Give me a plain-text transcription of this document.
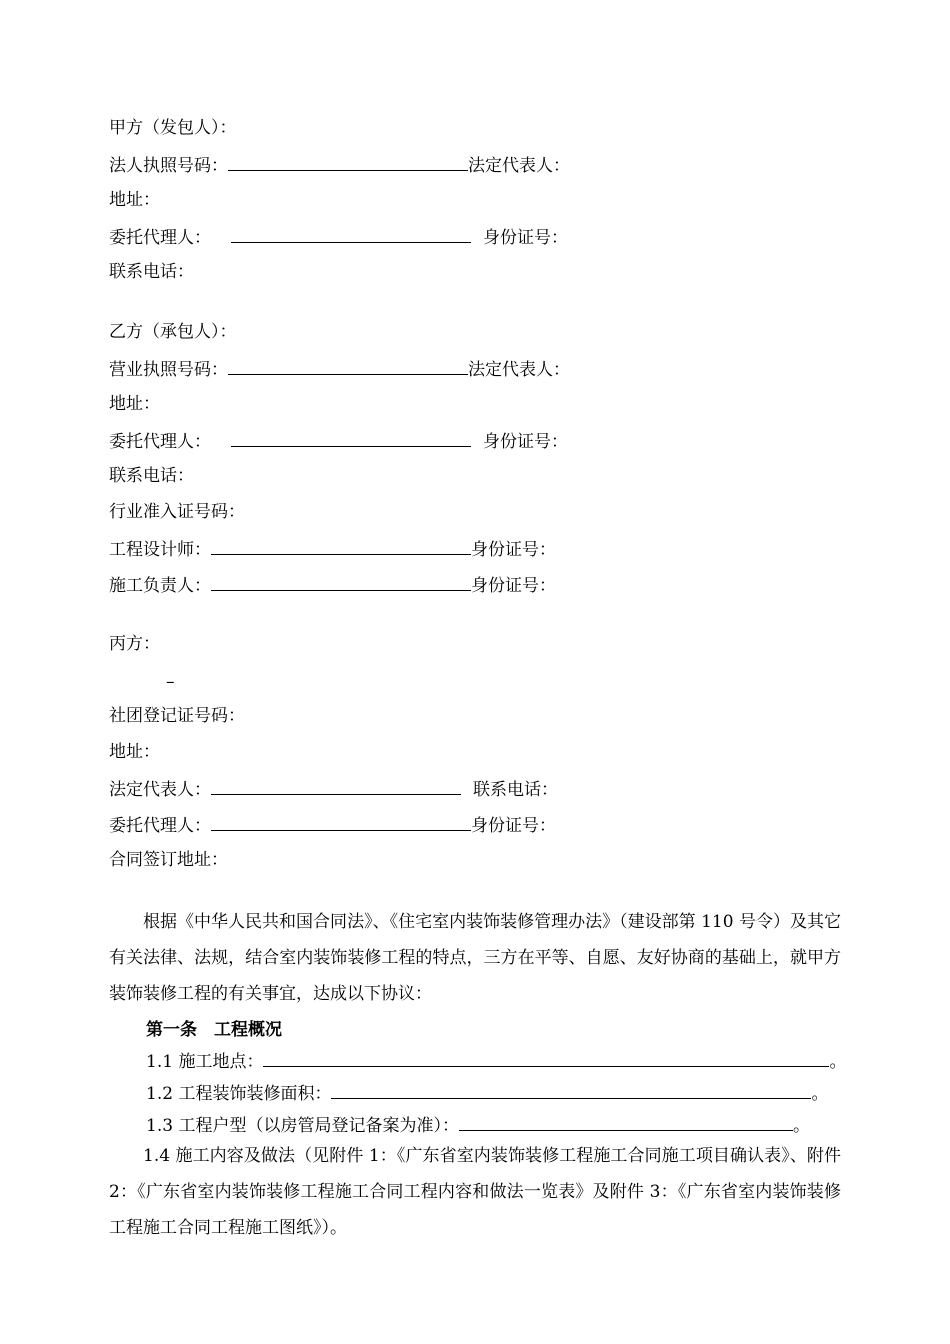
甲方（发包人）：
法人执照号码：	法定代表人：
地址：
委托代理人：	身份证号：
联系电话：
乙方（承包人）：
营业执照号码：	法定代表人：
地址：
委托代理人：	身份证号：
联系电话：
行业准入证号码：
工程设计师：	身份证号：
施工负责人：	身份证号：
丙方：
–
社团登记证号码：
地址：
法定代表人：	联系电话：
委托代理人：	身份证号：
合同签订地址：
根据《中华人民共和国合同法》、《住宅室内装饰装修管理办法》（建设部第 110 号令）及其它有关法律、法规，结合室内装饰装修工程的特点，三方在平等、自愿、友好协商的基础上，就甲方装饰装修工程的有关事宜，达成以下协议：
第一条　工程概况
1.1 施工地点：	。
1.2 工程装饰装修面积：	。
1.3 工程户型（以房管局登记备案为准）：	。
1.4 施工内容及做法（见附件 1：《广东省室内装饰装修工程施工合同施工项目确认表》、附件 2：《广东省室内装饰装修工程施工合同工程内容和做法一览表》及附件 3：《广东省室内装饰装修工程施工合同工程施工图纸》）。
